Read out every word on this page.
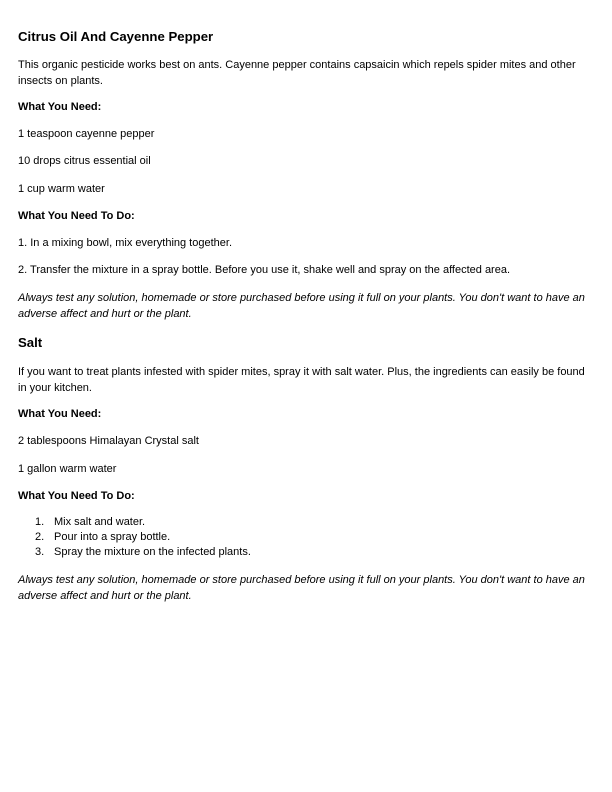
Citrus Oil And Cayenne Pepper

This organic pesticide works best on ants. Cayenne pepper contains capsaicin which repels spider mites and other insects on plants.

What You Need:

1 teaspoon cayenne pepper

10 drops citrus essential oil

1 cup warm water

What You Need To Do:

1. In a mixing bowl, mix everything together.

2. Transfer the mixture in a spray bottle. Before you use it, shake well and spray on the affected area.

Always test any solution, homemade or store purchased before using it full on your plants. You don't want to have an adverse affect and hurt or the plant.

Salt

If you want to treat plants infested with spider mites, spray it with salt water. Plus, the ingredients can easily be found in your kitchen.

What You Need:

2 tablespoons Himalayan Crystal salt

1 gallon warm water

What You Need To Do:

1. Mix salt and water.
2. Pour into a spray bottle.
3. Spray the mixture on the infected plants.

Always test any solution, homemade or store purchased before using it full on your plants. You don't want to have an adverse affect and hurt or the plant.
